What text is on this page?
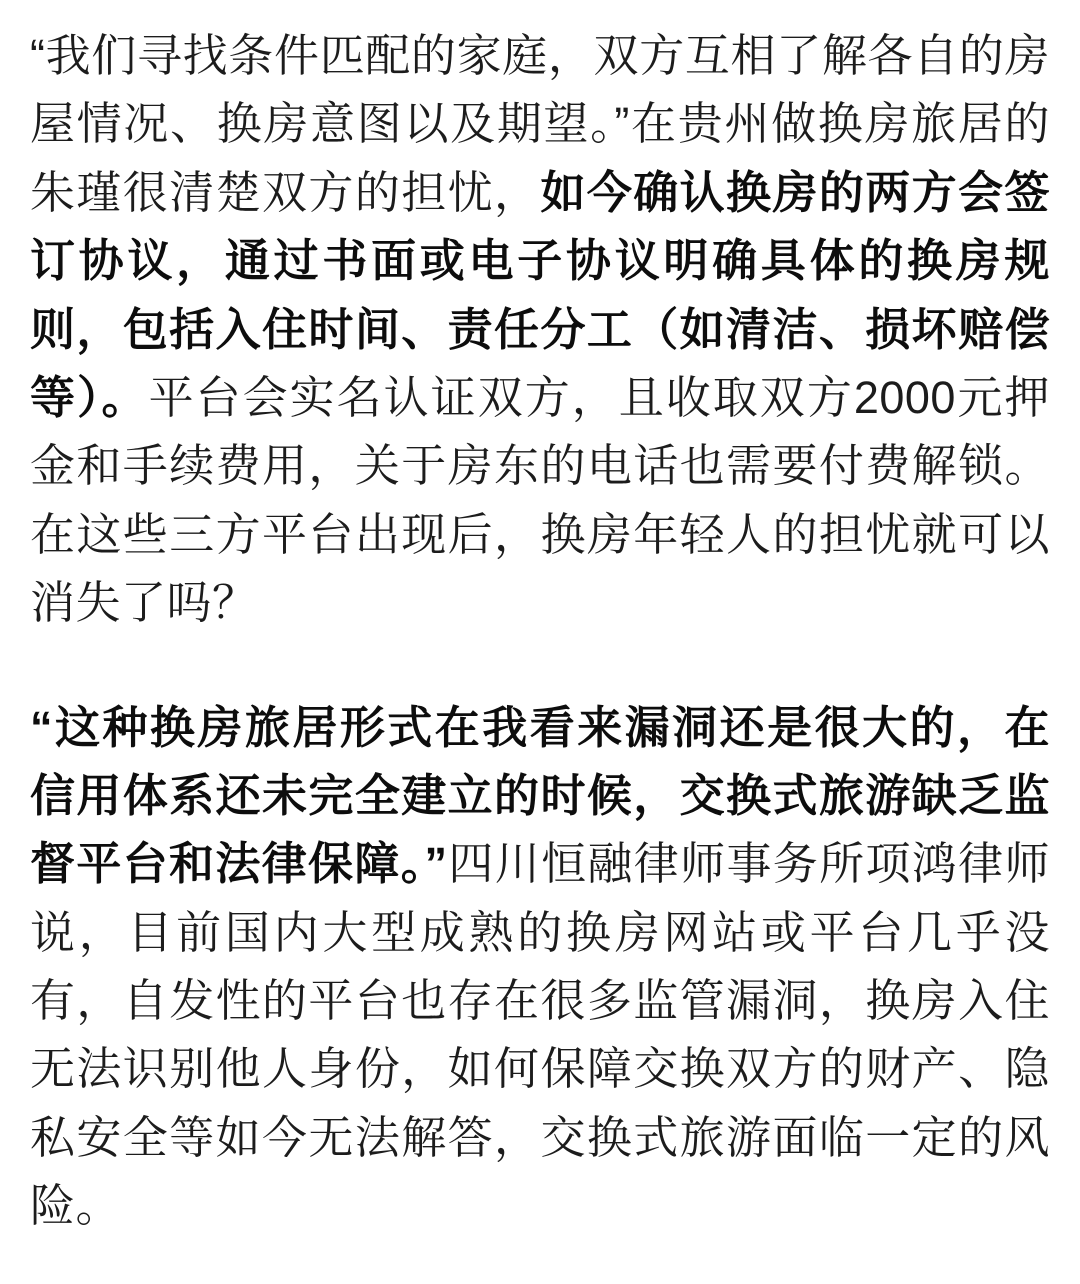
“我们寻找条件匹配的家庭，双方互相了解各自的房屋情况、换房意图以及期望。”在贵州做换房旅居的朱瑾很清楚双方的担忧，如今确认换房的两方会签订协议，通过书面或电子协议明确具体的换房规则，包括入住时间、责任分工（如清洁、损坏赔偿等）。平台会实名认证双方，且收取双方2000元押金和手续费用，关于房东的电话也需要付费解锁。在这些三方平台出现后，换房年轻人的担忧就可以消失了吗？

“这种换房旅居形式在我看来漏洞还是很大的，在信用体系还未完全建立的时候，交换式旅游缺乏监督平台和法律保障。”四川恒融律师事务所项鸿律师说，目前国内大型成熟的换房网站或平台几乎没有，自发性的平台也存在很多监管漏洞，换房入住无法识别他人身份，如何保障交换双方的财产、隐私安全等如今无法解答，交换式旅游面临一定的风险。
